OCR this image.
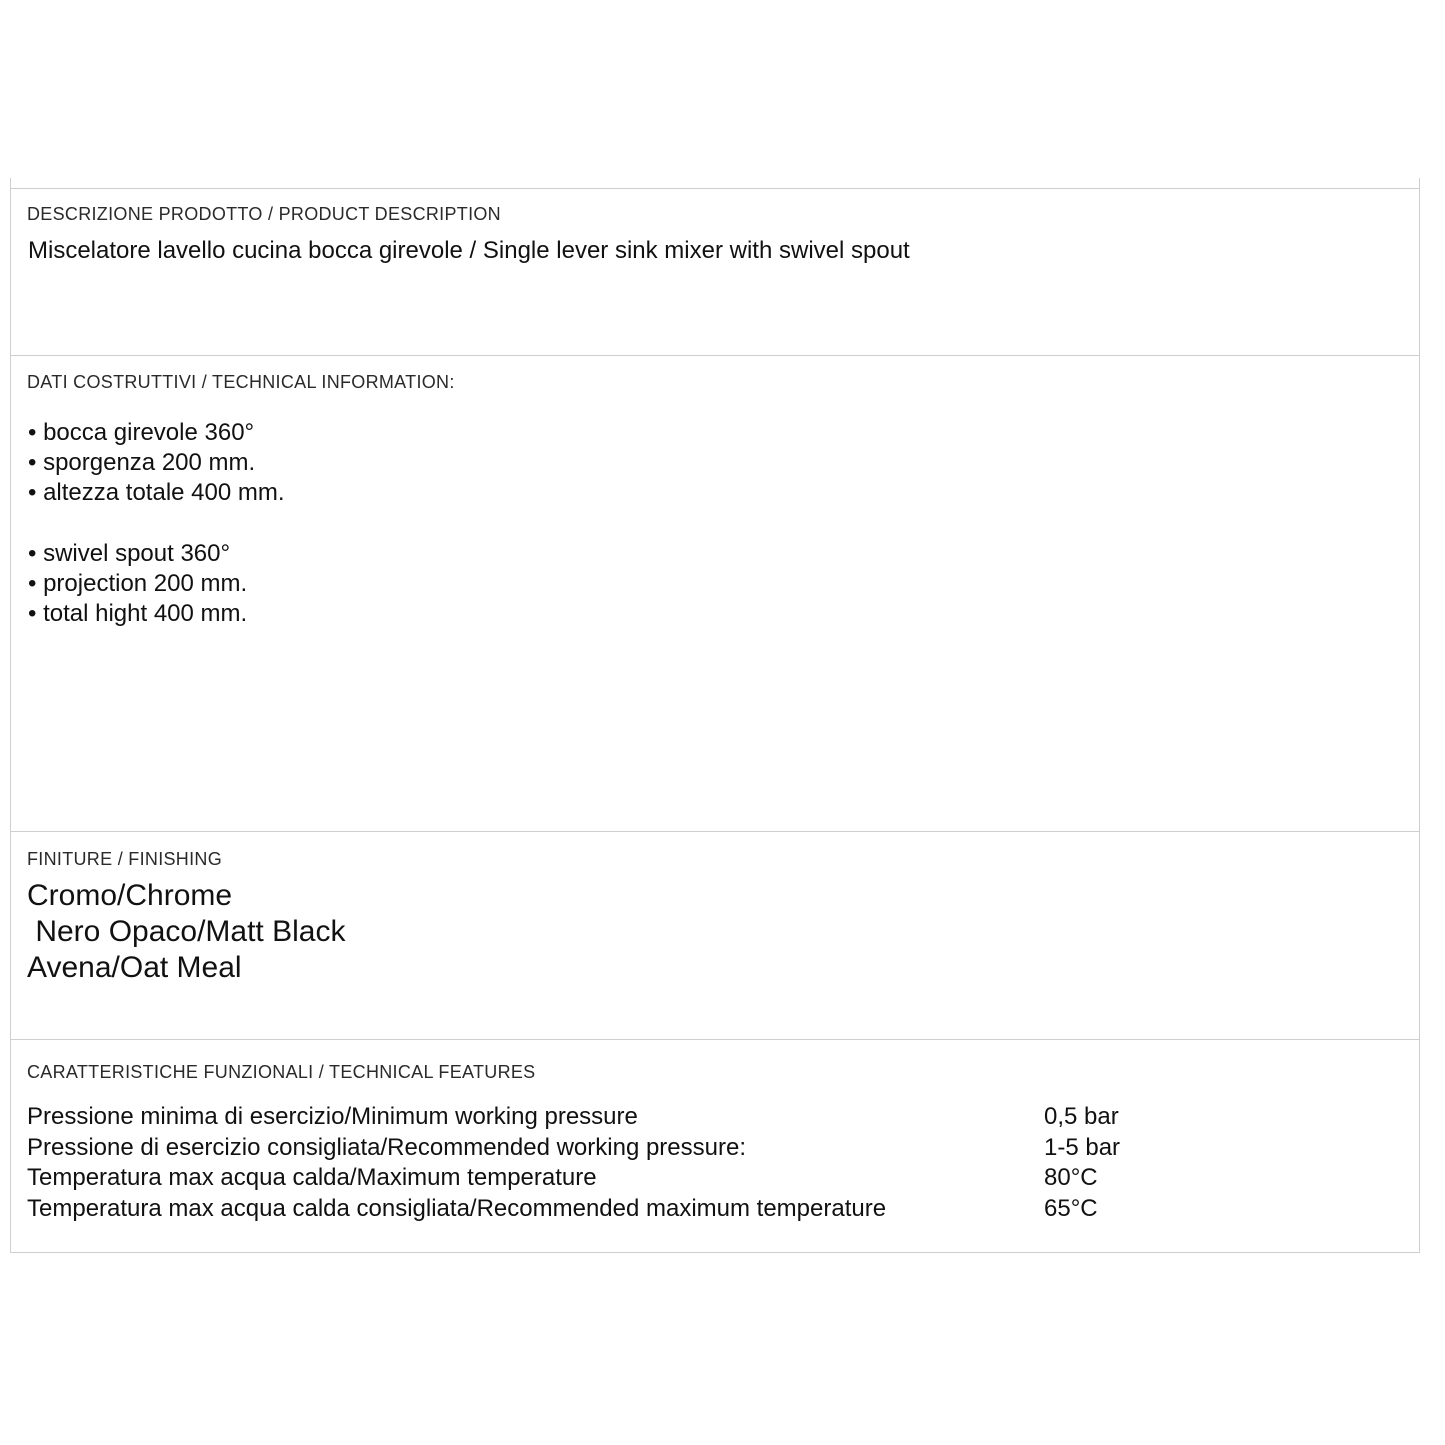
DESCRIZIONE PRODOTTO / PRODUCT DESCRIPTION
Miscelatore lavello cucina bocca girevole / Single lever sink mixer with swivel spout
DATI COSTRUTTIVI / TECHNICAL INFORMATION:
• bocca girevole 360°
• sporgenza 200 mm.
• altezza totale 400 mm.
• swivel spout 360°
• projection 200 mm.
• total hight 400 mm.
FINITURE / FINISHING
Cromo/Chrome
Nero Opaco/Matt Black
Avena/Oat Meal
CARATTERISTICHE FUNZIONALI / TECHNICAL FEATURES
Pressione minima di esercizio/Minimum working pressure	0,5 bar
Pressione di esercizio consigliata/Recommended working pressure:	1-5 bar
Temperatura max acqua calda/Maximum temperature	80°C
Temperatura max acqua calda consigliata/Recommended maximum temperature	65°C
